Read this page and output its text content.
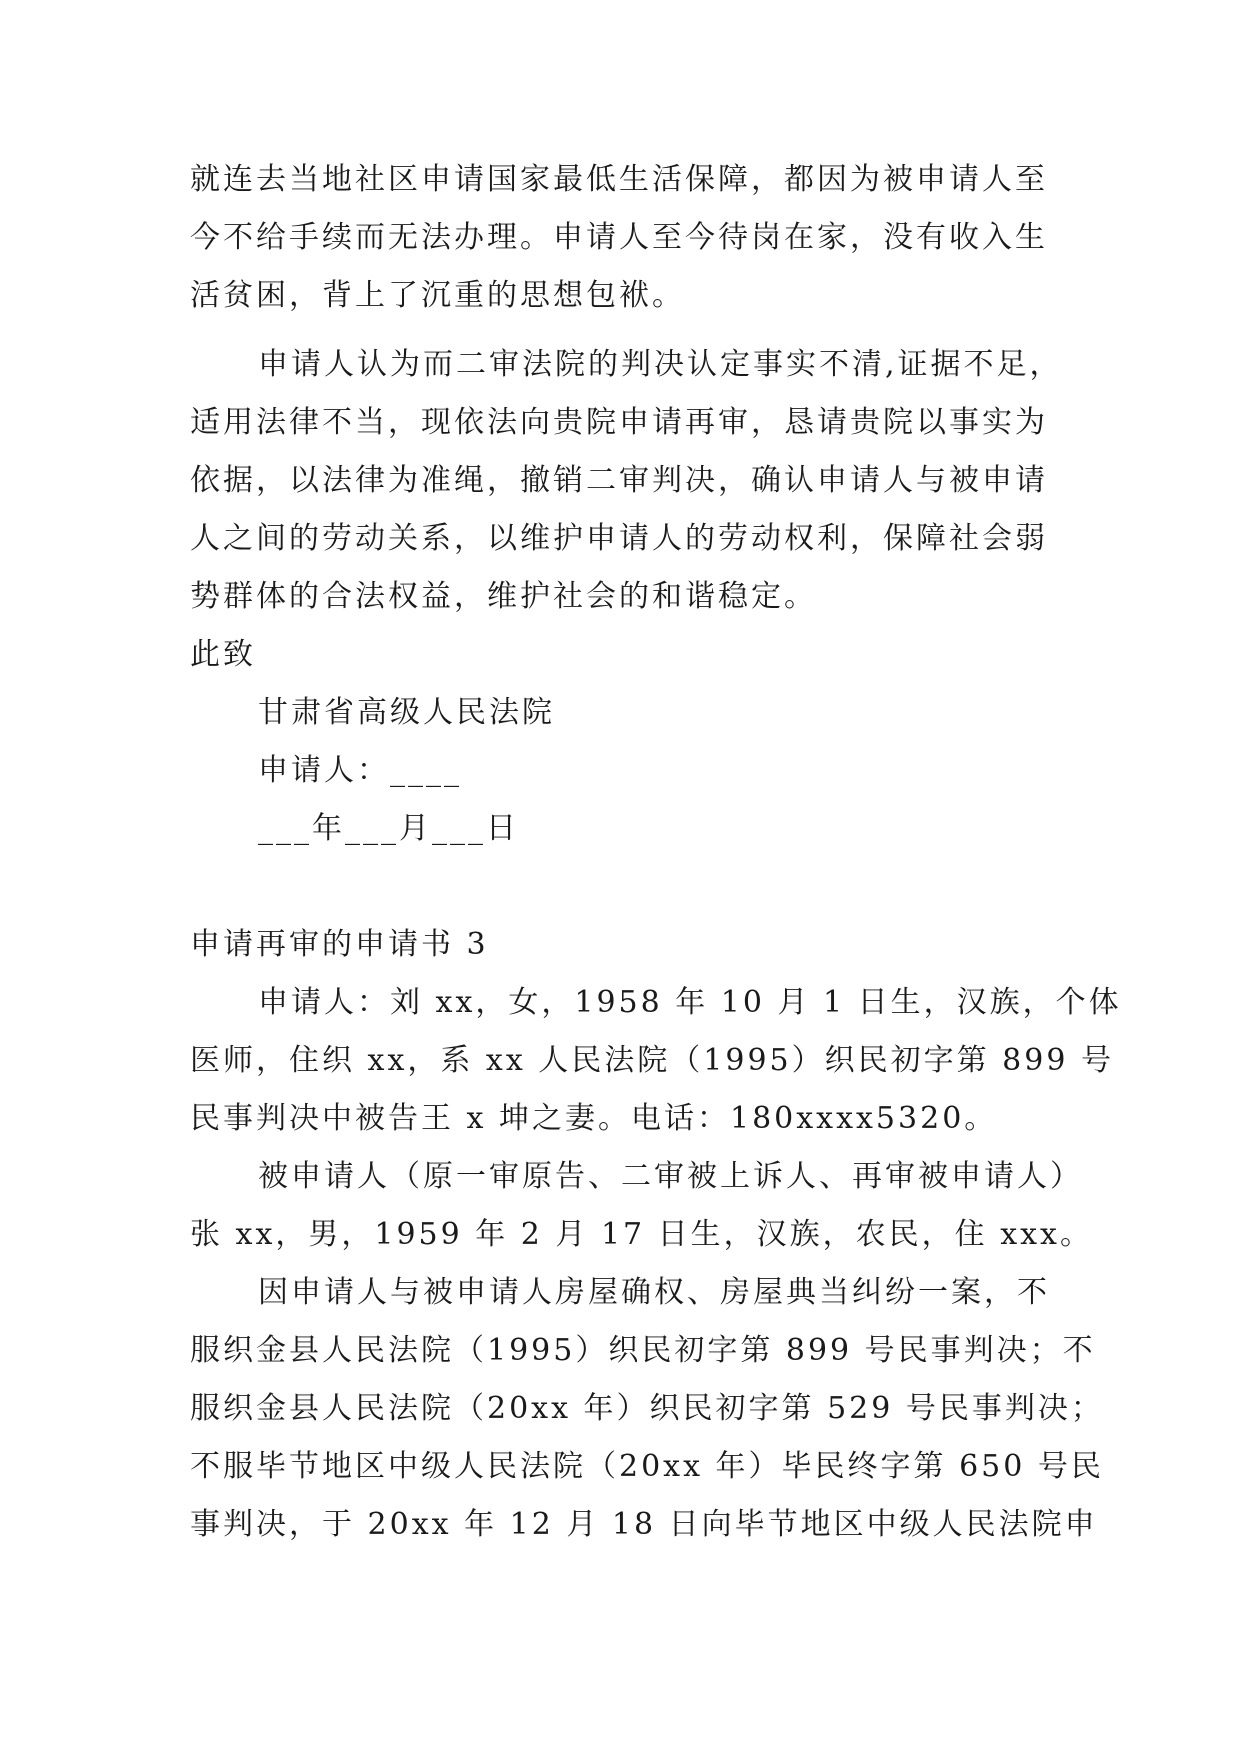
就连去当地社区申请国家最低生活保障，都因为被申请人至
今不给手续而无法办理。申请人至今待岗在家，没有收入生
活贫困，背上了沉重的思想包袱。
申请人认为而二审法院的判决认定事实不清,证据不足，
适用法律不当，现依法向贵院申请再审，恳请贵院以事实为
依据，以法律为准绳，撤销二审判决，确认申请人与被申请
人之间的劳动关系，以维护申请人的劳动权利，保障社会弱
势群体的合法权益，维护社会的和谐稳定。
此致
甘肃省高级人民法院
申请人：____
___年___月___日
申请再审的申请书 3
申请人：刘 xx，女，1958 年 10 月 1 日生，汉族，个体
医师，住织 xx，系 xx 人民法院（1995）织民初字第 899 号
民事判决中被告王 x 坤之妻。电话：180xxxx5320。
被申请人（原一审原告、二审被上诉人、再审被申请人）
张 xx，男，1959 年 2 月 17 日生，汉族，农民，住 xxx。
因申请人与被申请人房屋确权、房屋典当纠纷一案，不
服织金县人民法院（1995）织民初字第 899 号民事判决；不
服织金县人民法院（20xx 年）织民初字第 529 号民事判决；
不服毕节地区中级人民法院（20xx 年）毕民终字第 650 号民
事判决，于 20xx 年 12 月 18 日向毕节地区中级人民法院申
